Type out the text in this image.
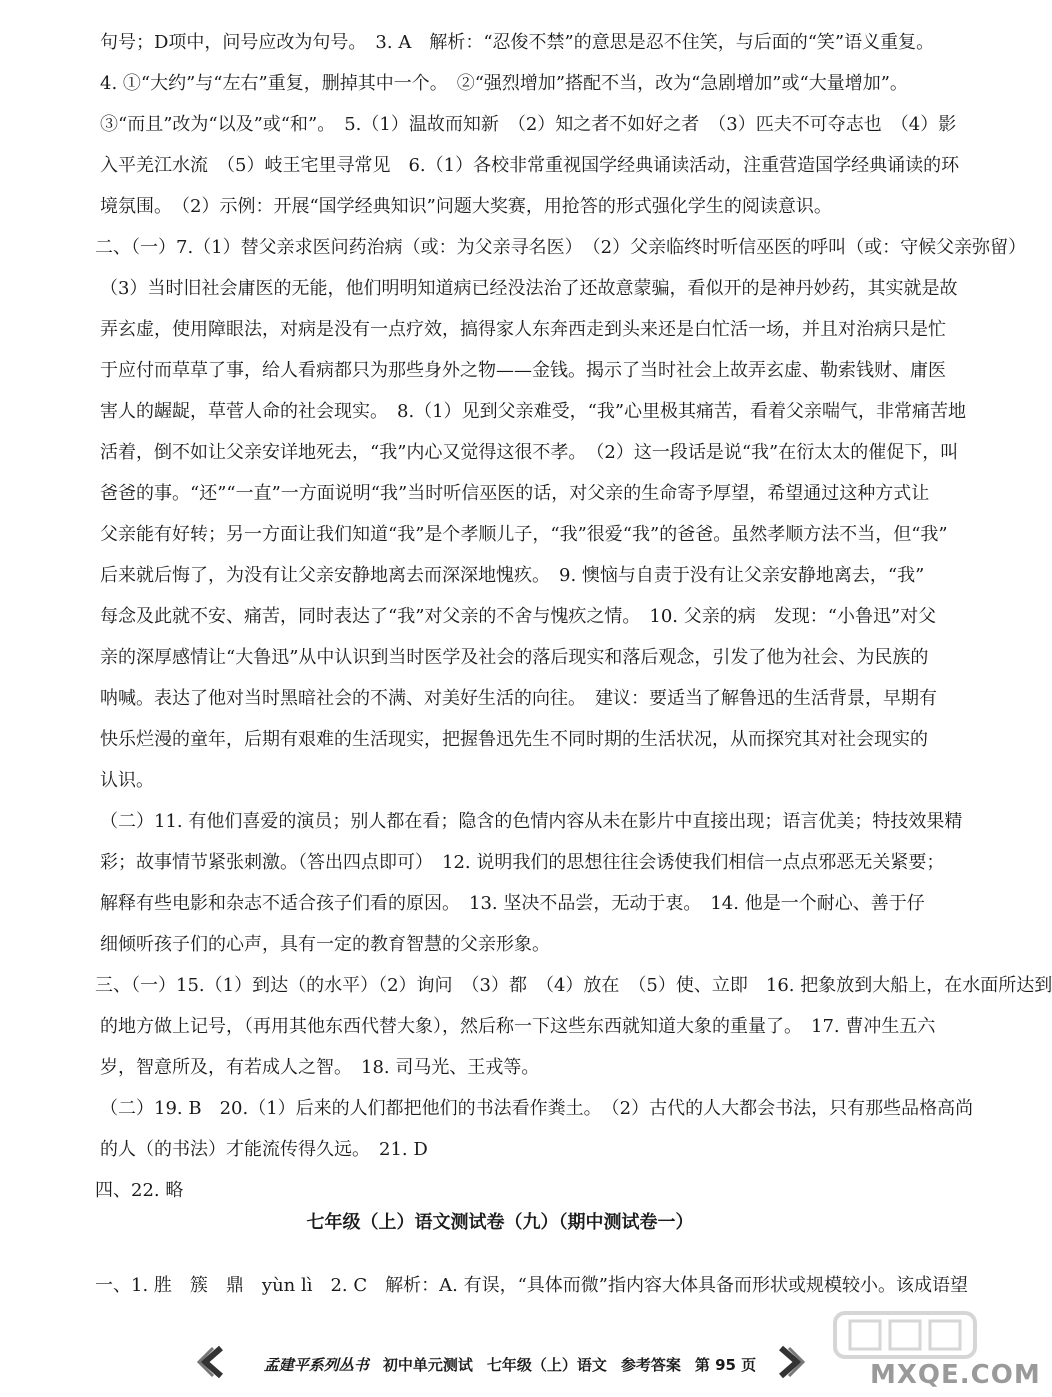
句号；D项中，问号应改为句号。　3. A　解析：“忍俊不禁”的意思是忍不住笑，与后面的“笑”语义重复。
4. ①“大约”与“左右”重复，删掉其中一个。　②“强烈增加”搭配不当，改为“急剧增加”或“大量增加”。
③“而且”改为“以及”或“和”。　5.（1）温故而知新　（2）知之者不如好之者　（3）匹夫不可夺志也　（4）影
入平羌江水流　（5）岐王宅里寻常见　6.（1）各校非常重视国学经典诵读活动，注重营造国学经典诵读的环
境氛围。　（2）示例：开展“国学经典知识”问题大奖赛，用抢答的形式强化学生的阅读意识。
二、（一）7.（1）替父亲求医问药治病（或：为父亲寻名医）　（2）父亲临终时听信巫医的呼叫（或：守候父亲弥留）
（3）当时旧社会庸医的无能，他们明明知道病已经没法治了还故意蒙骗，看似开的是神丹妙药，其实就是故
弄玄虚，使用障眼法，对病是没有一点疗效，搞得家人东奔西走到头来还是白忙活一场，并且对治病只是忙
于应付而草草了事，给人看病都只为那些身外之物——金钱。揭示了当时社会上故弄玄虚、勒索钱财、庸医
害人的龌龊，草菅人命的社会现实。　8.（1）见到父亲难受，“我”心里极其痛苦，看着父亲喘气，非常痛苦地
活着，倒不如让父亲安详地死去，“我”内心又觉得这很不孝。　（2）这一段话是说“我”在衍太太的催促下，叫
爸爸的事。“还”“一直”一方面说明“我”当时听信巫医的话，对父亲的生命寄予厚望，希望通过这种方式让
父亲能有好转；另一方面让我们知道“我”是个孝顺儿子，“我”很爱“我”的爸爸。虽然孝顺方法不当，但“我”
后来就后悔了，为没有让父亲安静地离去而深深地愧疚。　9. 懊恼与自责于没有让父亲安静地离去，“我”
每念及此就不安、痛苦，同时表达了“我”对父亲的不舍与愧疚之情。　10. 父亲的病　发现：“小鲁迅”对父
亲的深厚感情让“大鲁迅”从中认识到当时医学及社会的落后现实和落后观念，引发了他为社会、为民族的
呐喊。表达了他对当时黑暗社会的不满、对美好生活的向往。　建议：要适当了解鲁迅的生活背景，早期有
快乐烂漫的童年，后期有艰难的生活现实，把握鲁迅先生不同时期的生活状况，从而探究其对社会现实的
认识。
（二）11. 有他们喜爱的演员；别人都在看；隐含的色情内容从未在影片中直接出现；语言优美；特技效果精
彩；故事情节紧张刺激。（答出四点即可）　12. 说明我们的思想往往会诱使我们相信一点点邪恶无关紧要；
解释有些电影和杂志不适合孩子们看的原因。　13. 坚决不品尝，无动于衷。　14. 他是一个耐心、善于仔
细倾听孩子们的心声，具有一定的教育智慧的父亲形象。
三、（一）15.（1）到达（的水平）（2）询问　（3）都　（4）放在　（5）使、立即　16. 把象放到大船上，在水面所达到
的地方做上记号，（再用其他东西代替大象），然后称一下这些东西就知道大象的重量了。　17. 曹冲生五六
岁，智意所及，有若成人之智。　18. 司马光、王戎等。
（二）19. B　20.（1）后来的人们都把他们的书法看作粪土。　（2）古代的人大都会书法，只有那些品格高尚
的人（的书法）才能流传得久远。　21. D
四、22. 略
七年级（上）语文测试卷（九）（期中测试卷一）
一、1. 胜　簇　鼎　yùn lì　2. C　解析：A. 有误，“具体而微”指内容大体具备而形状或规模较小。该成语望
孟建平系列丛书 初中单元测试 七年级（上）语文 参考答案 第 95 页	MXQE.COM
